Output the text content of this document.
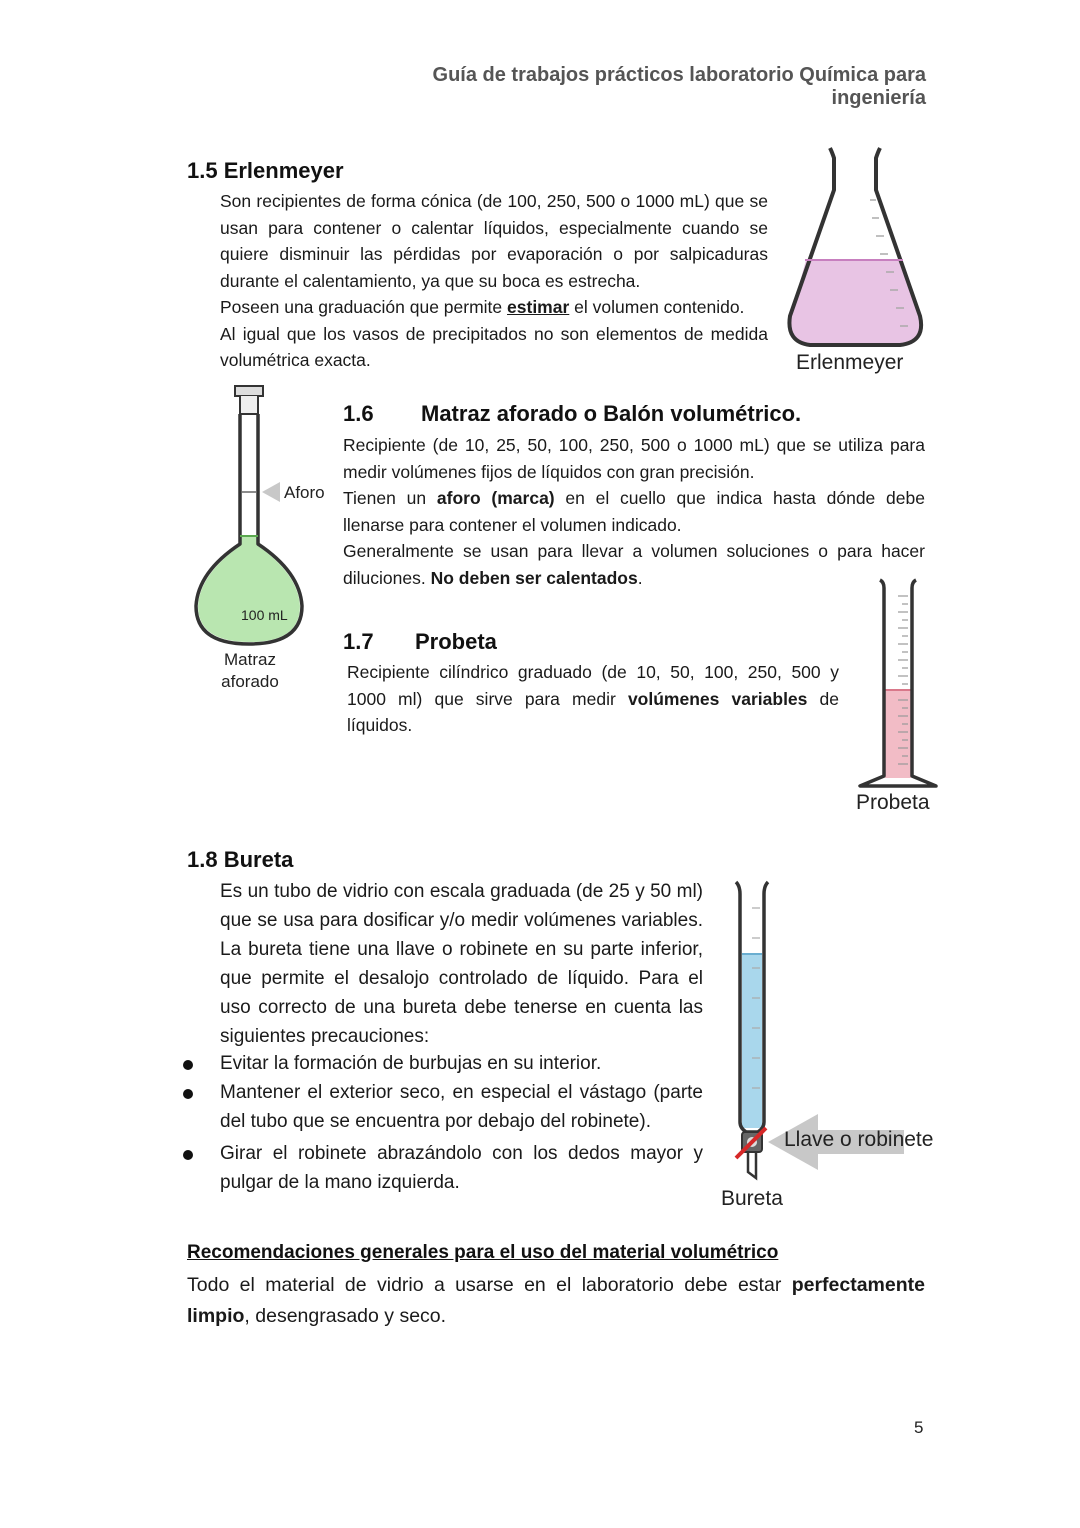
Guía de trabajos prácticos laboratorio Química para ingeniería
1.5 Erlenmeyer

Son recipientes de forma cónica (de 100, 250, 500 o 1000 mL) que se usan para contener o calentar líquidos, especialmente cuando se quiere disminuir las pérdidas por evaporación o por salpicaduras durante el calentamiento, ya que su boca es estrecha.

Poseen una graduación que permite estimar el volumen contenido.

Al igual que los vasos de precipitados no son elementos de medida volumétrica exacta.	Erlenmeyer
Aforo
100 mL
Matraz
aforado
1.6 Matraz aforado o Balón volumétrico.

Recipiente (de 10, 25, 50, 100, 250, 500 o 1000 mL) que se utiliza para medir volúmenes fijos de líquidos con gran precisión.

Tienen un aforo (marca) en el cuello que indica hasta dónde debe llenarse para contener el volumen indicado.

Generalmente se usan para llevar a volumen soluciones o para hacer diluciones. No deben ser calentados.

1.7 Probeta

Recipiente cilíndrico graduado (de 10, 50, 100, 250, 500 y 1000 ml) que sirve para medir volúmenes variables de líquidos.

Probeta
1.8 Bureta

Es un tubo de vidrio con escala graduada (de 25 y 50 ml) que se usa para dosificar y/o medir volúmenes variables. La bureta tiene una llave o robinete en su parte inferior, que permite el desalojo controlado de líquido. Para el uso correcto de una bureta debe tenerse en cuenta las siguientes precauciones:

Evitar la formación de burbujas en su interior.
Mantener el exterior seco, en especial el vástago (parte del tubo que se encuentra por debajo del robinete).
Girar el robinete abrazándolo con los dedos mayor y pulgar de la mano izquierda.
Llave o robinete
Bureta
Recomendaciones generales para el uso del material volumétrico

Todo el material de vidrio a usarse en el laboratorio debe estar perfectamente limpio, desengrasado y seco.

5
